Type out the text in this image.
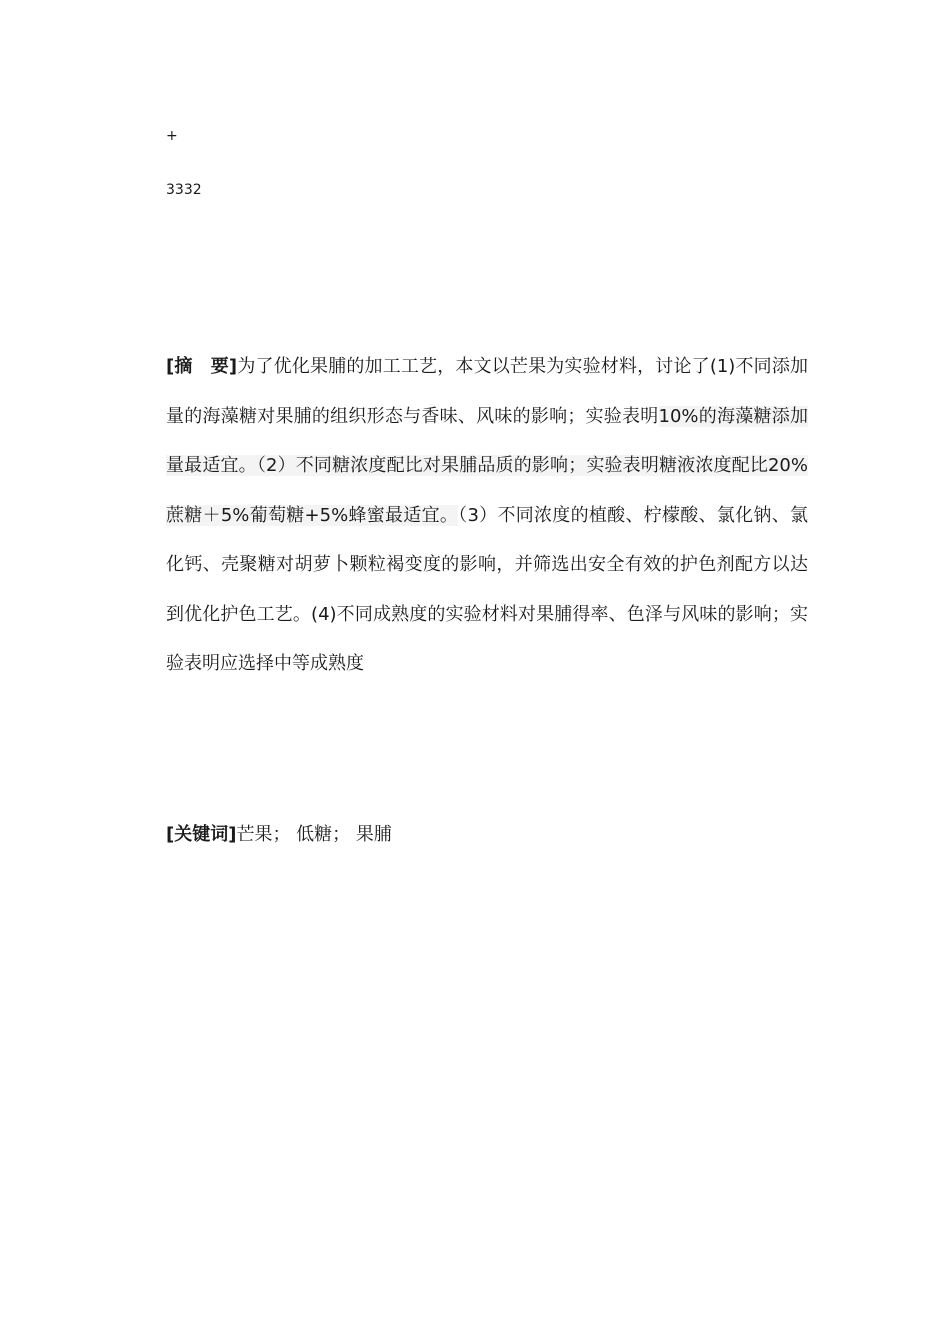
+
3332

[摘　要]为了优化果脯的加工工艺，本文以芒果为实验材料，讨论了(1)不同添加量的海藻糖对果脯的组织形态与香味、风味的影响；实验表明10%的海藻糖添加量最适宜。（2）不同糖浓度配比对果脯品质的影响；实验表明糖液浓度配比20%蔗糖＋5%葡萄糖+5%蜂蜜最适宜。（3）不同浓度的植酸、柠檬酸、氯化钠、氯化钙、壳聚糖对胡萝卜颗粒褐变度的影响，并筛选出安全有效的护色剂配方以达到优化护色工艺。(4)不同成熟度的实验材料对果脯得率、色泽与风味的影响；实验表明应选择中等成熟度

[关键词]芒果； 低糖； 果脯
